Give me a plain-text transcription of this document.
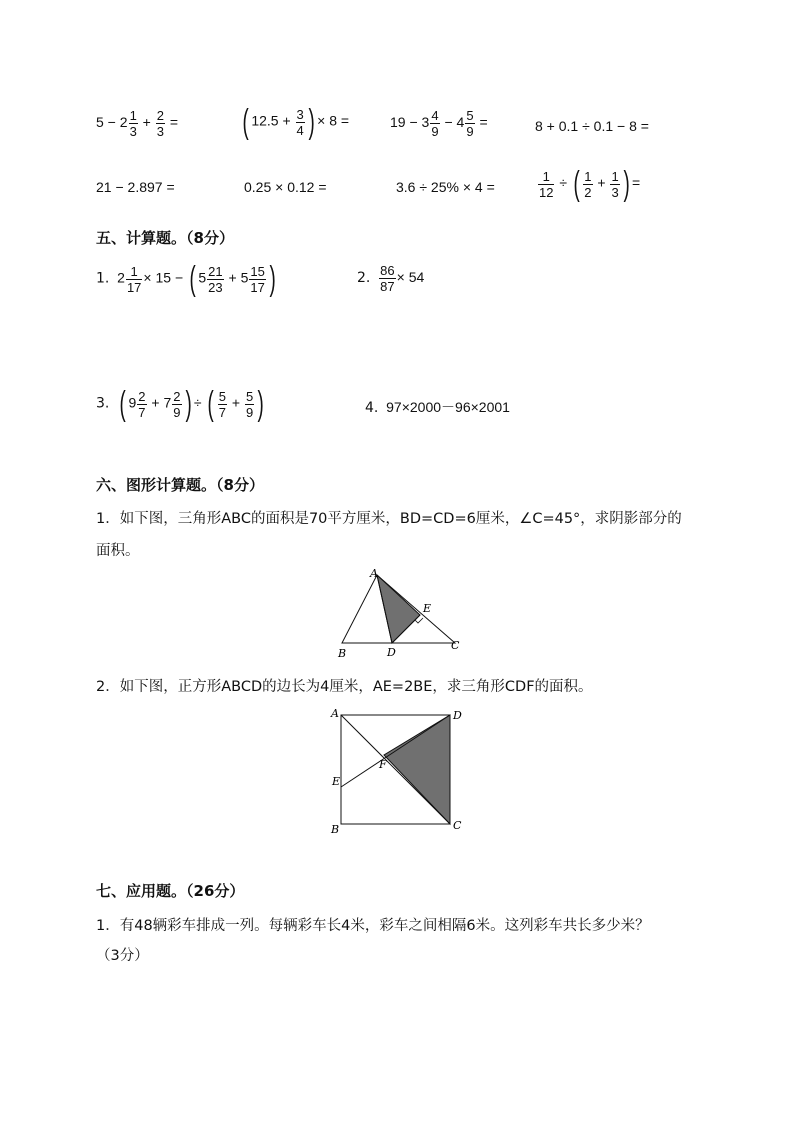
$5 - 2 \frac{1}{3} + \frac{2}{3}$ = ( $12.5 + \frac{3}{4}$ ) × 8 =	$19 - 3 \frac{4}{9} - 4 \frac{5}{9}$ =	8 + 0.1 ÷ 0.1 − 8 =
21 − 2.897 =	0.25 × 0.12 =	3.6 ÷ 25% × 4 =	$\frac{1}{12}$ ÷ ( $\frac{1}{2} + \frac{1}{3}$ ) =
五、计算题。（8分）
1. $2 \frac{1}{17} \times 15$ − ( $5 \frac{21}{23} + 5 \frac{15}{17}$ )	2. $\frac{86}{87} \times 54$
3. ( $9 \frac{2}{7} + 7 \frac{2}{9}$ ) ÷ ( $\frac{5}{7} + \frac{5}{9}$ )	4. 97×2000－96×2001
六、图形计算题。（8分）
1．如下图，三角形ABC的面积是70平方厘米，BD=CD=6厘米，∠C=45°，求阴影部分的
面积。
A
B	D
C
E
2．如下图，正方形ABCD的边长为4厘米，AE=2BE，求三角形CDF的面积。
A	D
E
F
B	C
七、应用题。（26分）
1．有48辆彩车排成一列。每辆彩车长4米，彩车之间相隔6米。这列彩车共长多少米？
（3分）
